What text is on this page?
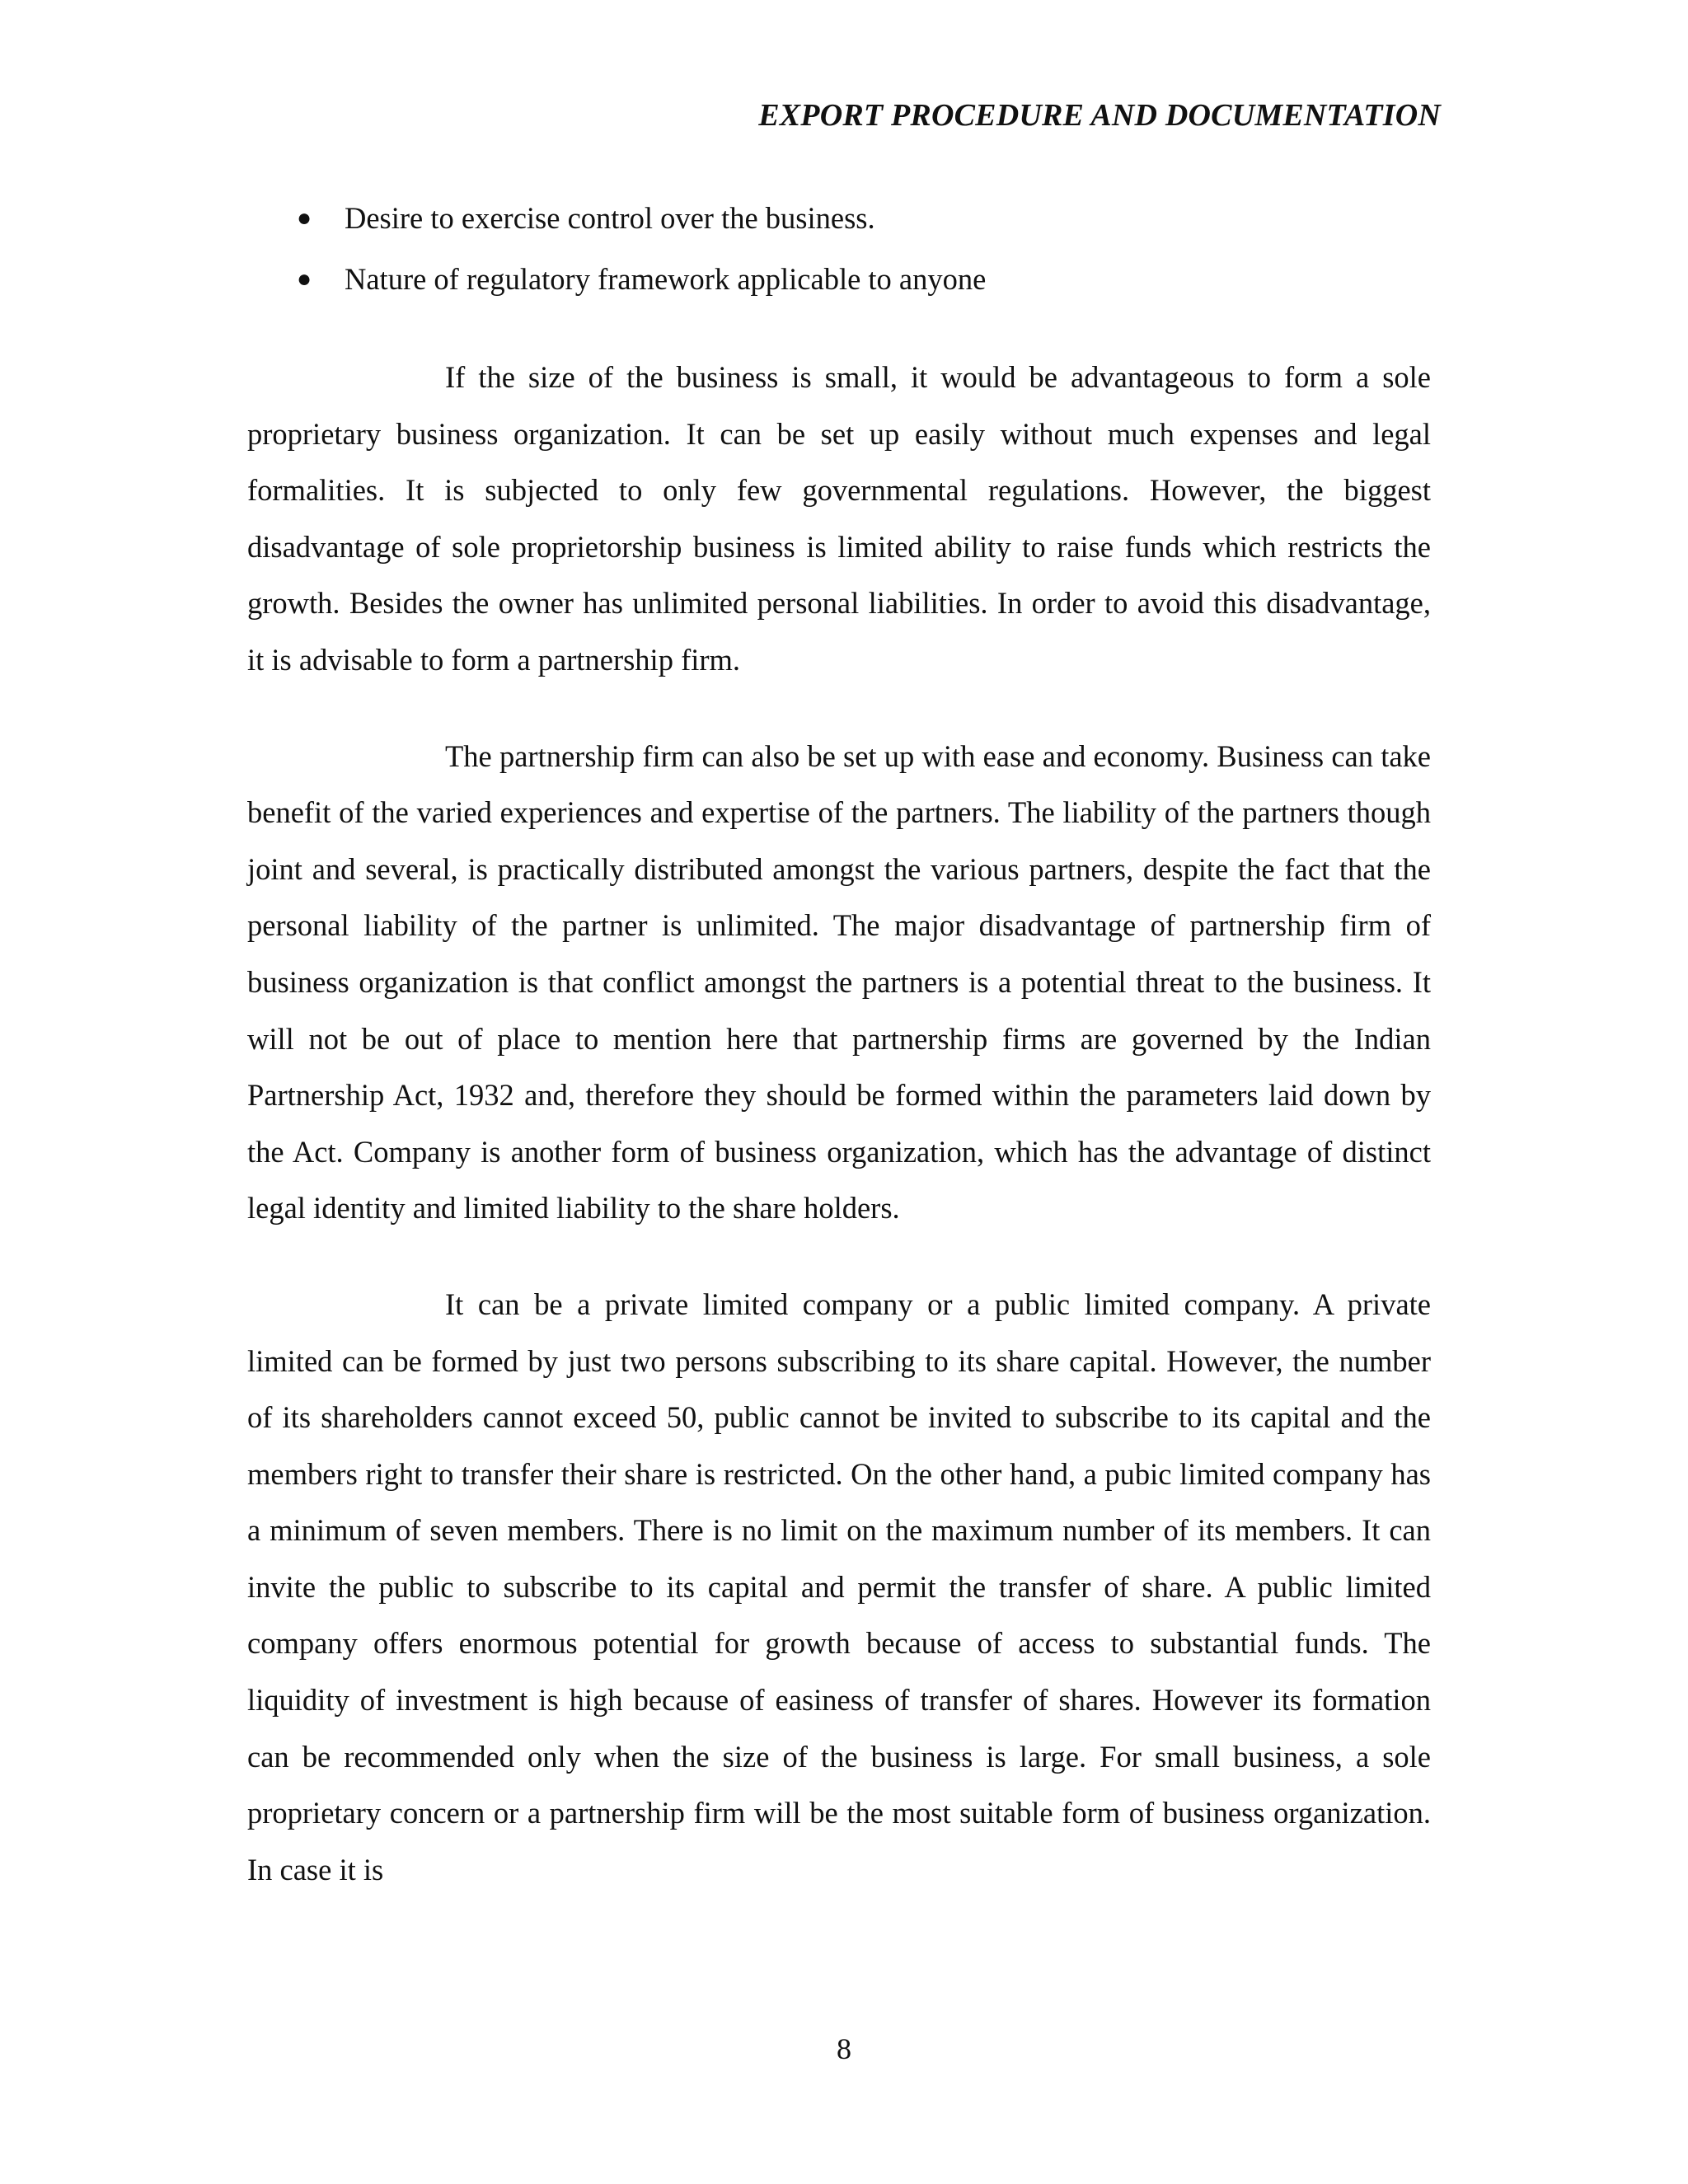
EXPORT PROCEDURE AND DOCUMENTATION
● Desire to exercise control over the business.
● Nature of regulatory framework applicable to anyone

If the size of the business is small, it would be advantageous to form a sole proprietary business organization. It can be set up easily without much expenses and legal formalities. It is subjected to only few governmental regulations. However, the biggest disadvantage of sole proprietorship business is limited ability to raise funds which restricts the growth. Besides the owner has unlimited personal liabilities. In order to avoid this disadvantage, it is advisable to form a partnership firm.

The partnership firm can also be set up with ease and economy. Business can take benefit of the varied experiences and expertise of the partners. The liability of the partners though joint and several, is practically distributed amongst the various partners, despite the fact that the personal liability of the partner is unlimited. The major disadvantage of partnership firm of business organization is that conflict amongst the partners is a potential threat to the business. It will not be out of place to mention here that partnership firms are governed by the Indian Partnership Act, 1932 and, therefore they should be formed within the parameters laid down by the Act. Company is another form of business organization, which has the advantage of distinct legal identity and limited liability to the share holders.

It can be a private limited company or a public limited company. A private limited can be formed by just two persons subscribing to its share capital. However, the number of its shareholders cannot exceed 50, public cannot be invited to subscribe to its capital and the members right to transfer their share is restricted. On the other hand, a pubic limited company has a minimum of seven members. There is no limit on the maximum number of its members. It can invite the public to subscribe to its capital and permit the transfer of share. A public limited company offers enormous potential for growth because of access to substantial funds. The liquidity of investment is high because of easiness of transfer of shares. However its formation can be recommended only when the size of the business is large. For small business, a sole proprietary concern or a partnership firm will be the most suitable form of business organization. In case it is

8
